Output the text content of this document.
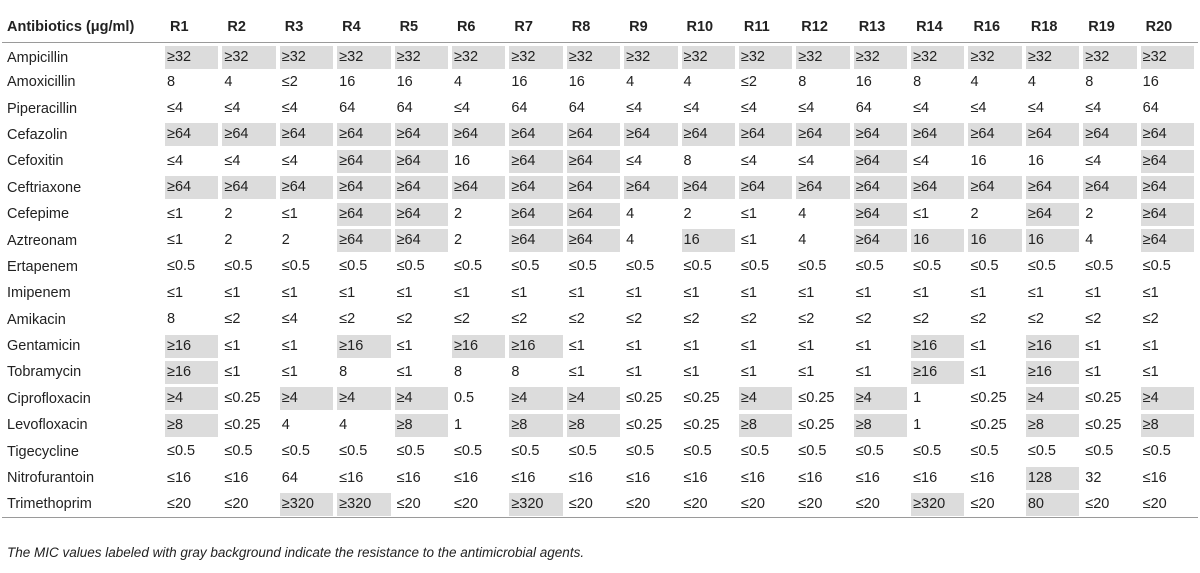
Antibiotics (μg/ml)	R1	R2	R3	R4	R5	R6	R7	R8	R9	R10	R11	R12	R13	R14	R16	R18	R19	R20
Ampicillin	≥32	≥32	≥32	≥32	≥32	≥32	≥32	≥32	≥32	≥32	≥32	≥32	≥32	≥32	≥32	≥32	≥32	≥32

Amoxicillin	8	4	≤2	16	16	4	16	16	4	4	≤2	8	16	8	4	4	8	16

Piperacillin	≤4	≤4	≤4	64	64	≤4	64	64	≤4	≤4	≤4	≤4	64	≤4	≤4	≤4	≤4	64

Cefazolin	≥64	≥64	≥64	≥64	≥64	≥64	≥64	≥64	≥64	≥64	≥64	≥64	≥64	≥64	≥64	≥64	≥64	≥64

Cefoxitin	≤4	≤4	≤4	≥64	≥64	16	≥64	≥64	≤4	8	≤4	≤4	≥64	≤4	16	16	≤4	≥64

Ceftriaxone	≥64	≥64	≥64	≥64	≥64	≥64	≥64	≥64	≥64	≥64	≥64	≥64	≥64	≥64	≥64	≥64	≥64	≥64

Cefepime	≤1	2	≤1	≥64	≥64	2	≥64	≥64	4	2	≤1	4	≥64	≤1	2	≥64	2	≥64

Aztreonam	≤1	2	2	≥64	≥64	2	≥64	≥64	4	16	≤1	4	≥64	16	16	16	4	≥64

Ertapenem	≤0.5	≤0.5	≤0.5	≤0.5	≤0.5	≤0.5	≤0.5	≤0.5	≤0.5	≤0.5	≤0.5	≤0.5	≤0.5	≤0.5	≤0.5	≤0.5	≤0.5	≤0.5

Imipenem	≤1	≤1	≤1	≤1	≤1	≤1	≤1	≤1	≤1	≤1	≤1	≤1	≤1	≤1	≤1	≤1	≤1	≤1

Amikacin	8	≤2	≤4	≤2	≤2	≤2	≤2	≤2	≤2	≤2	≤2	≤2	≤2	≤2	≤2	≤2	≤2	≤2

Gentamicin	≥16	≤1	≤1	≥16	≤1	≥16	≥16	≤1	≤1	≤1	≤1	≤1	≤1	≥16	≤1	≥16	≤1	≤1

Tobramycin	≥16	≤1	≤1	8	≤1	8	8	≤1	≤1	≤1	≤1	≤1	≤1	≥16	≤1	≥16	≤1	≤1

Ciprofloxacin	≥4	≤0.25	≥4	≥4	≥4	0.5	≥4	≥4	≤0.25	≤0.25	≥4	≤0.25	≥4	1	≤0.25	≥4	≤0.25	≥4

Levofloxacin	≥8	≤0.25	4	4	≥8	1	≥8	≥8	≤0.25	≤0.25	≥8	≤0.25	≥8	1	≤0.25	≥8	≤0.25	≥8

Tigecycline	≤0.5	≤0.5	≤0.5	≤0.5	≤0.5	≤0.5	≤0.5	≤0.5	≤0.5	≤0.5	≤0.5	≤0.5	≤0.5	≤0.5	≤0.5	≤0.5	≤0.5	≤0.5

Nitrofurantoin	≤16	≤16	64	≤16	≤16	≤16	≤16	≤16	≤16	≤16	≤16	≤16	≤16	≤16	≤16	128	32	≤16

Trimethoprim	≤20	≤20	≥320	≥320	≤20	≤20	≥320	≤20	≤20	≤20	≤20	≤20	≤20	≥320	≤20	80	≤20	≤20
The MIC values labeled with gray background indicate the resistance to the antimicrobial agents.
